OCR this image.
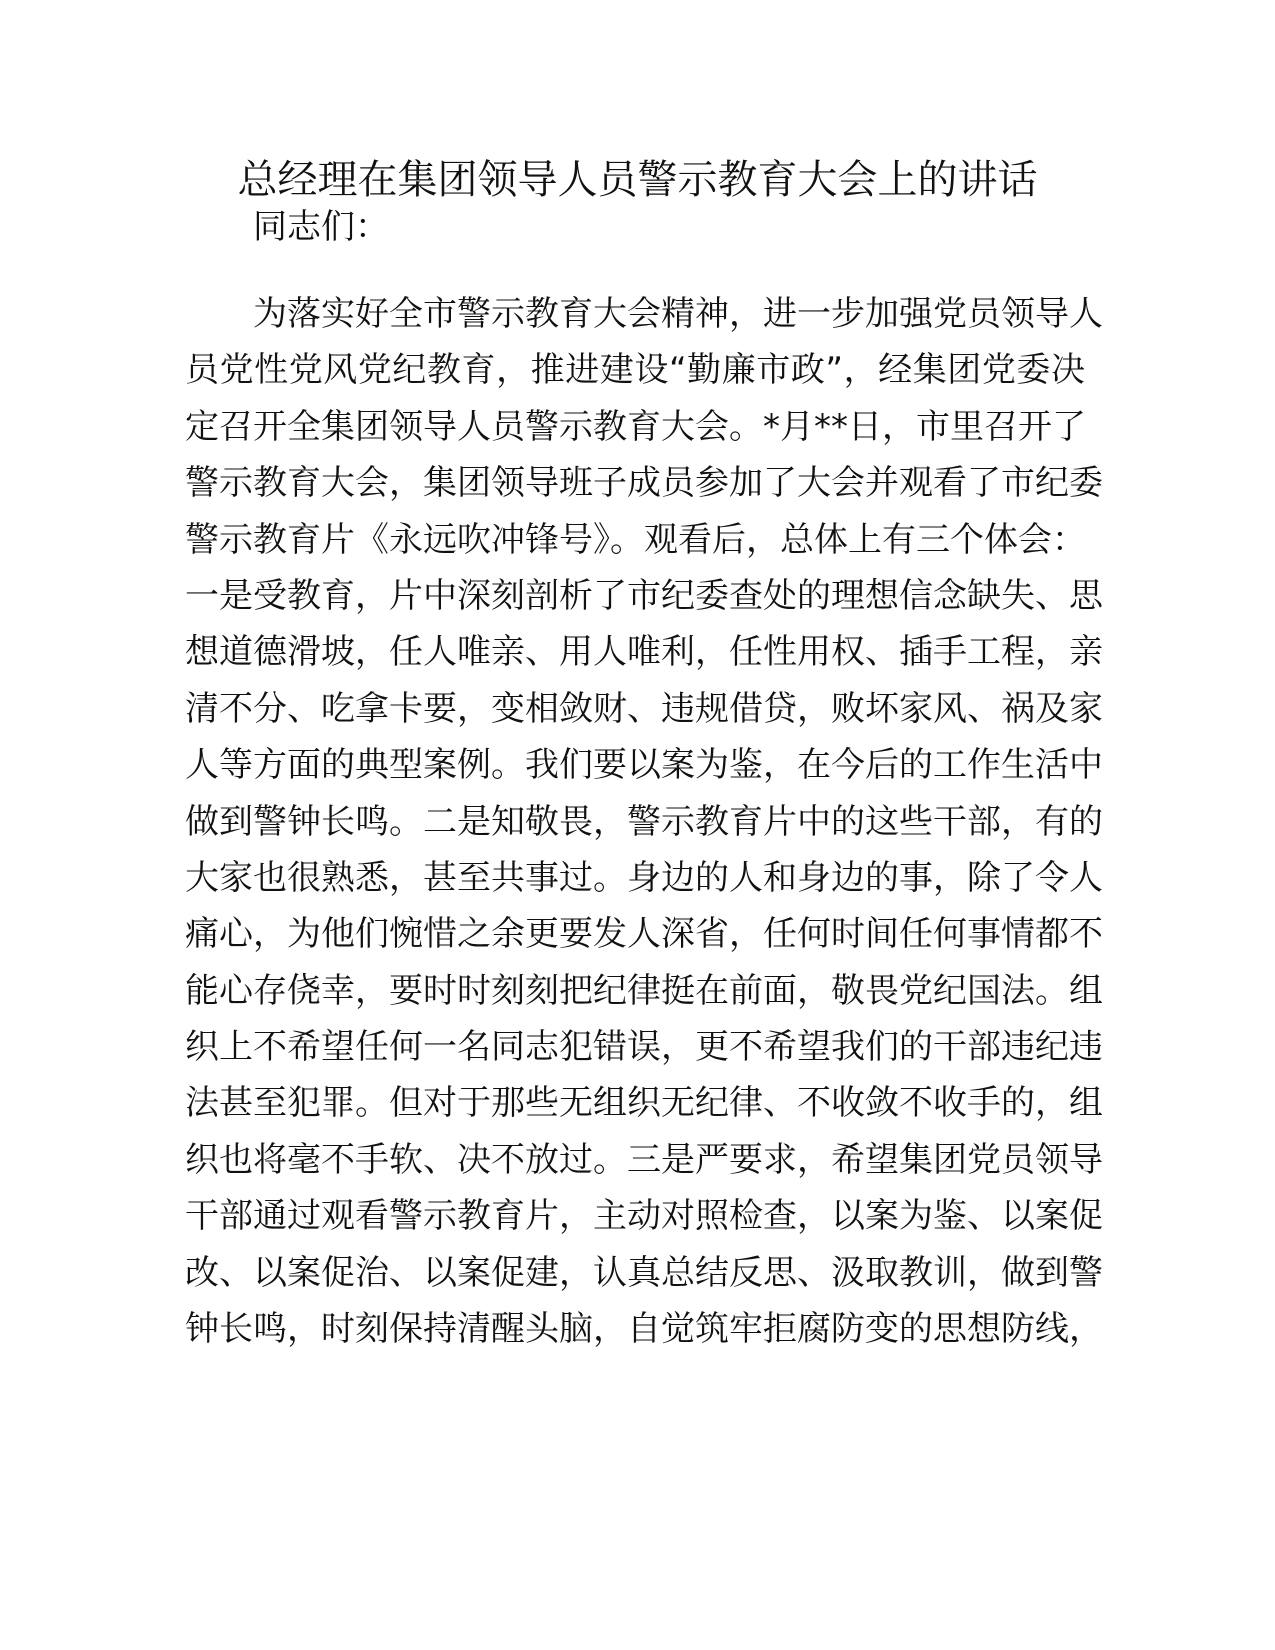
总经理在集团领导人员警示教育大会上的讲话

同志们：

为落实好全市警示教育大会精神，进一步加强党员领导人
员党性党风党纪教育，推进建设“勤廉市政”，经集团党委决
定召开全集团领导人员警示教育大会。*月**日，市里召开了
警示教育大会，集团领导班子成员参加了大会并观看了市纪委
警示教育片《永远吹冲锋号》。观看后，总体上有三个体会：
一是受教育，片中深刻剖析了市纪委查处的理想信念缺失、思
想道德滑坡，任人唯亲、用人唯利，任性用权、插手工程，亲
清不分、吃拿卡要，变相敛财、违规借贷，败坏家风、祸及家
人等方面的典型案例。我们要以案为鉴，在今后的工作生活中
做到警钟长鸣。二是知敬畏，警示教育片中的这些干部，有的
大家也很熟悉，甚至共事过。身边的人和身边的事，除了令人
痛心，为他们惋惜之余更要发人深省，任何时间任何事情都不
能心存侥幸，要时时刻刻把纪律挺在前面，敬畏党纪国法。组
织上不希望任何一名同志犯错误，更不希望我们的干部违纪违
法甚至犯罪。但对于那些无组织无纪律、不收敛不收手的，组
织也将毫不手软、决不放过。三是严要求，希望集团党员领导
干部通过观看警示教育片，主动对照检查，以案为鉴、以案促
改、以案促治、以案促建，认真总结反思、汲取教训，做到警
钟长鸣，时刻保持清醒头脑，自觉筑牢拒腐防变的思想防线，
